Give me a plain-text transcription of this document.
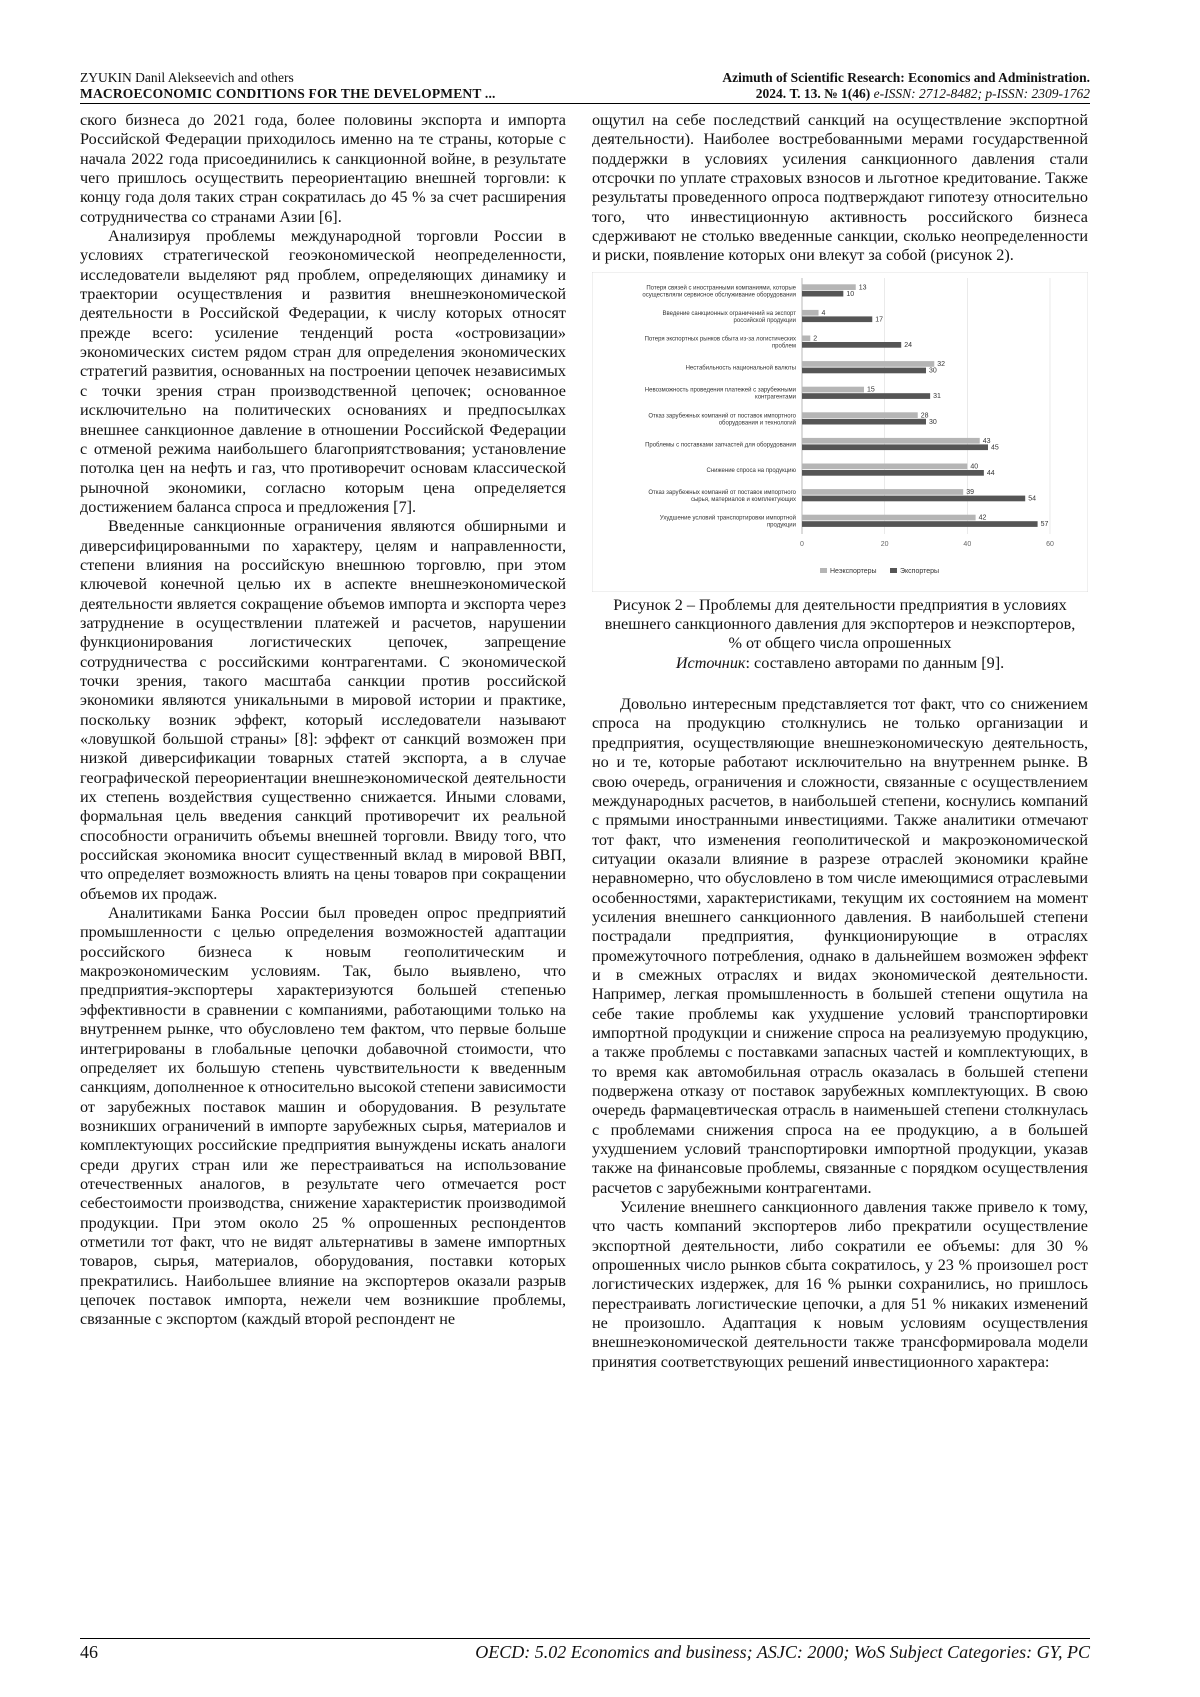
ZYUKIN Danil Alekseevich and others
MACROECONOMIC CONDITIONS FOR THE DEVELOPMENT ...
Azimuth of Scientific Research: Economics and Administration.
2024. Т. 13. № 1(46) e-ISSN: 2712-8482; p-ISSN: 2309-1762

ского бизнеса до 2021 года, более половины экспорта и импорта Российской Федерации приходилось именно на те страны, которые с начала 2022 года присоединились к санкционной войне, в результате чего пришлось осуществить переориентацию внешней торговли: к концу года доля таких стран сократилась до 45 % за счет расширения сотрудничества со странами Азии [6].

Анализируя проблемы международной торговли России в условиях стратегической геоэкономической неопределенности, исследователи выделяют ряд проблем, определяющих динамику и траектории осуществления и развития внешнеэкономической деятельности в Российской Федерации, к числу которых относят прежде всего: усиление тенденций роста «островизации» экономических систем рядом стран для определения экономических стратегий развития, основанных на построении цепочек независимых с точки зрения стран производственной цепочек; основанное исключительно на политических основаниях и предпосылках внешнее санкционное давление в отношении Российской Федерации с отменой режима наибольшего благоприятствования; установление потолка цен на нефть и газ, что противоречит основам классической рыночной экономики, согласно которым цена определяется достижением баланса спроса и предложения [7].

Введенные санкционные ограничения являются обширными и диверсифицированными по характеру, целям и направленности, степени влияния на российскую внешнюю торговлю, при этом ключевой конечной целью их в аспекте внешнеэкономической деятельности является сокращение объемов импорта и экспорта через затруднение в осуществлении платежей и расчетов, нарушении функционирования логистических цепочек, запрещение сотрудничества с российскими контрагентами. С экономической точки зрения, такого масштаба санкции против российской экономики являются уникальными в мировой истории и практике, поскольку возник эффект, который исследователи называют «ловушкой большой страны» [8]: эффект от санкций возможен при низкой диверсификации товарных статей экспорта, а в случае географической переориентации внешнеэкономической деятельности их степень воздействия существенно снижается. Иными словами, формальная цель введения санкций противоречит их реальной способности ограничить объемы внешней торговли. Ввиду того, что российская экономика вносит существенный вклад в мировой ВВП, что определяет возможность влиять на цены товаров при сокращении объемов их продаж.

Аналитиками Банка России был проведен опрос предприятий промышленности с целью определения возможностей адаптации российского бизнеса к новым геополитическим и макроэкономическим условиям. Так, было выявлено, что предприятия-экспортеры характеризуются большей степенью эффективности в сравнении с компаниями, работающими только на внутреннем рынке, что обусловлено тем фактом, что первые больше интегрированы в глобальные цепочки добавочной стоимости, что определяет их большую степень чувствительности к введенным санкциям, дополненное к относительно высокой степени зависимости от зарубежных поставок машин и оборудования. В результате возникших ограничений в импорте зарубежных сырья, материалов и комплектующих российские предприятия вынуждены искать аналоги среди других стран или же перестраиваться на использование отечественных аналогов, в результате чего отмечается рост себестоимости производства, снижение характеристик производимой продукции. При этом около 25 % опрошенных респондентов отметили тот факт, что не видят альтернативы в замене импортных товаров, сырья, материалов, оборудования, поставки которых прекратились. Наибольшее влияние на экспортеров оказали разрыв цепочек поставок импорта, нежели чем возникшие проблемы, связанные с экспортом (каждый второй респондент не

ощутил на себе последствий санкций на осуществление экспортной деятельности). Наиболее востребованными мерами государственной поддержки в условиях усиления санкционного давления стали отсрочки по уплате страховых взносов и льготное кредитование. Также результаты проведенного опроса подтверждают гипотезу относительно того, что инвестиционную активность российского бизнеса сдерживают не столько введенные санкции, сколько неопределенности и риски, появление которых они влекут за собой (рисунок 2).

0	20	40	60
Потеря связей с иностранными компаниями, которые осуществляли сервисное обслуживание оборудования
13
10
Введение санкционных ограничений на экспорт российской продукции
4
17
Потеря экспортных рынков сбыта из-за логистических проблем
2
24
Нестабильность национальной валюты
32
30
Невозможность проведения платежей с зарубежными контрагентами
15
31
Отказ зарубежных компаний от поставок импортного оборудования и технологий
28
30
Проблемы с поставками запчастей для оборудования
43
45
Снижение спроса на продукцию
40
44
Отказ зарубежных компаний от поставок импортного сырья, материалов и комплектующих
39
54
Ухудшение условий транспортировки импортной продукции
42
57
Неэкспортеры	Экспортеры
Рисунок 2 – Проблемы для деятельности предприятия в условиях внешнего санкционного давления для экспортеров и неэкспортеров, % от общего числа опрошенных
Источник: составлено авторами по данным [9].

Довольно интересным представляется тот факт, что со снижением спроса на продукцию столкнулись не только организации и предприятия, осуществляющие внешнеэкономическую деятельность, но и те, которые работают исключительно на внутреннем рынке. В свою очередь, ограничения и сложности, связанные с осуществлением международных расчетов, в наибольшей степени, коснулись компаний с прямыми иностранными инвестициями. Также аналитики отмечают тот факт, что изменения геополитической и макроэкономической ситуации оказали влияние в разрезе отраслей экономики крайне неравномерно, что обусловлено в том числе имеющимися отраслевыми особенностями, характеристиками, текущим их состоянием на момент усиления внешнего санкционного давления. В наибольшей степени пострадали предприятия, функционирующие в отраслях промежуточного потребления, однако в дальнейшем возможен эффект и в смежных отраслях и видах экономической деятельности. Например, легкая промышленность в большей степени ощутила на себе такие проблемы как ухудшение условий транспортировки импортной продукции и снижение спроса на реализуемую продукцию, а также проблемы с поставками запасных частей и комплектующих, в то время как автомобильная отрасль оказалась в большей степени подвержена отказу от поставок зарубежных комплектующих. В свою очередь фармацевтическая отрасль в наименьшей степени столкнулась с проблемами снижения спроса на ее продукцию, а в большей ухудшением условий транспортировки импортной продукции, указав также на финансовые проблемы, связанные с порядком осуществления расчетов с зарубежными контрагентами.

Усиление внешнего санкционного давления также привело к тому, что часть компаний экспортеров либо прекратили осуществление экспортной деятельности, либо сократили ее объемы: для 30 % опрошенных число рынков сбыта сократилось, у 23 % произошел рост логистических издержек, для 16 % рынки сохранились, но пришлось перестраивать логистические цепочки, а для 51 % никаких изменений не произошло. Адаптация к новым условиям осуществления внешнеэкономической деятельности также трансформировала модели принятия соответствующих решений инвестиционного характера:

46	OECD: 5.02 Economics and business; ASJC: 2000; WoS Subject Categories: GY, PC
